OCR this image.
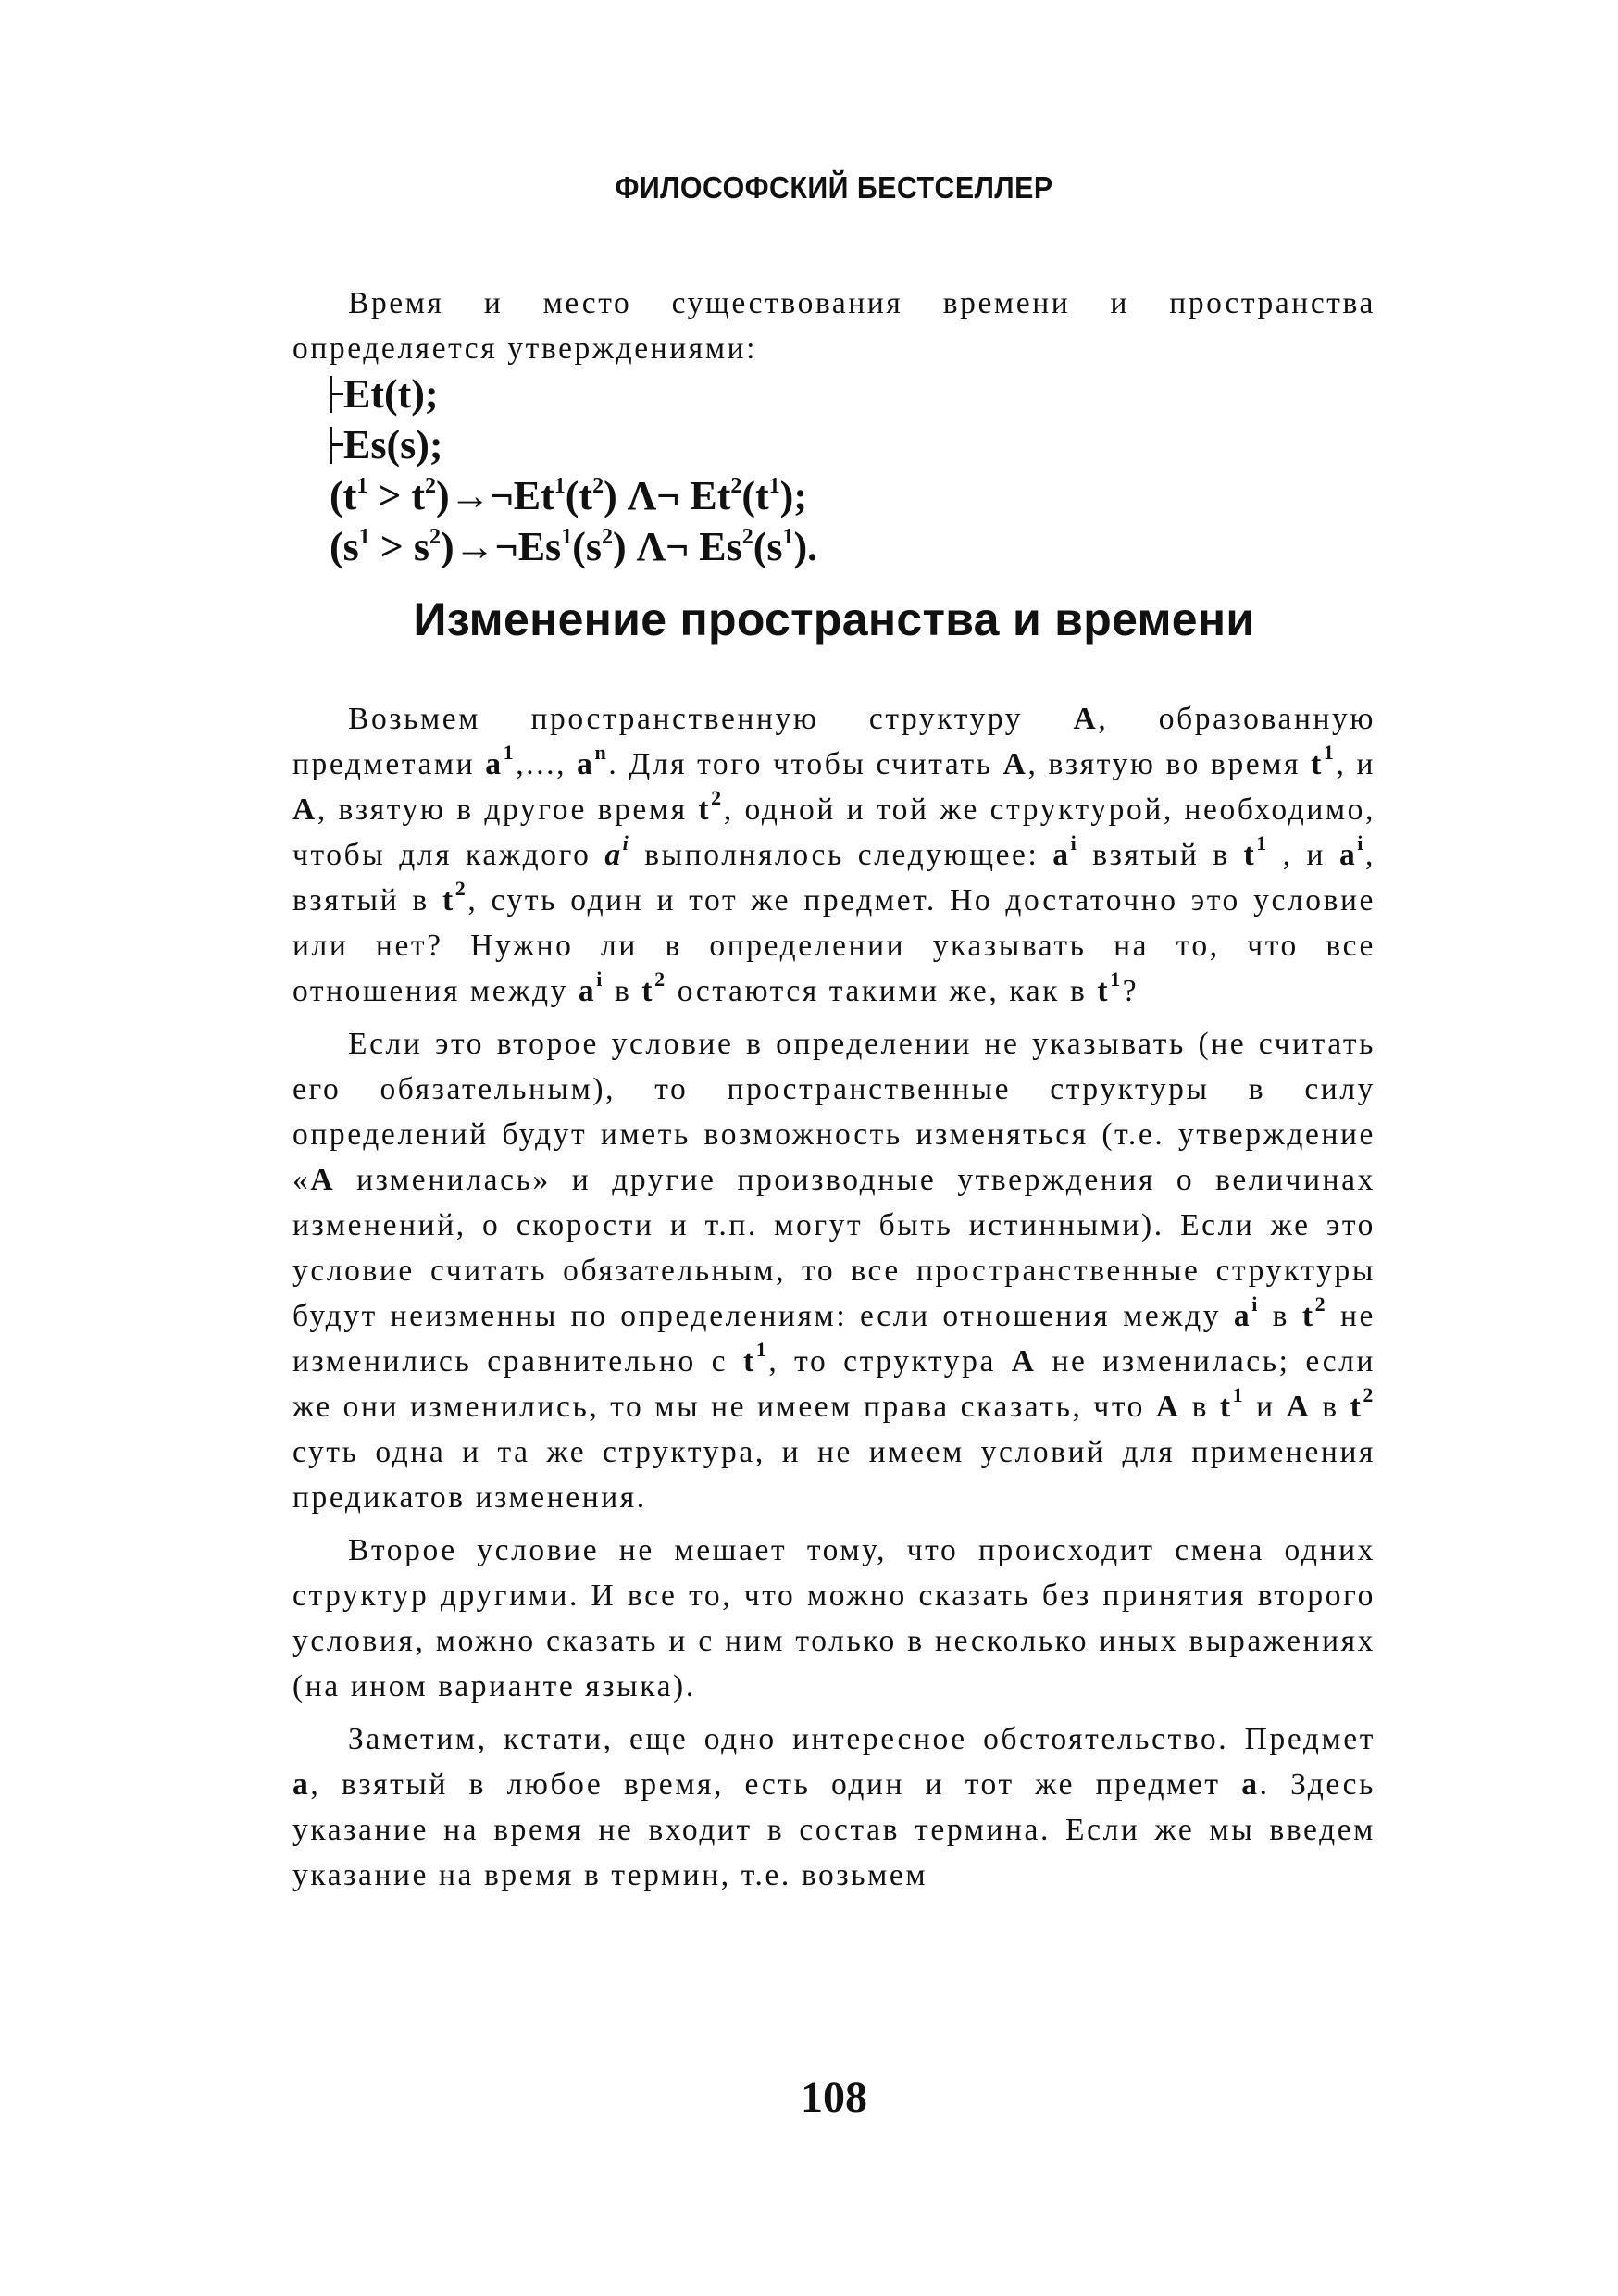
ФИЛОСОФСКИЙ БЕСТСЕЛЛЕР

Время и место существования времени и пространства определяется утверждениями:

Et(t);
Es(s);
($t^1$ > $t^2)\to\neg Et^1(t^2)$ Λ¬ $Et^2(t^1)$;
($s^1$ > $s^2)\to\neg Es^1(s^2)$ Λ¬ $Es^2(s^1)$.
Изменение пространства и времени

Возьмем пространственную структуру А, образованную предметами $а^1$,..., $а^n$. Для того чтобы считать А, взятую во время $t^1$, и А, взятую в другое время $t^2$, одной и той же структурой, необходимо, чтобы для каждого $a^i$ выполнялось следующее: $а^i$ взятый в $t^1$ , и $а^i$, взятый в $t^2$, суть один и тот же предмет. Но достаточно это условие или нет? Нужно ли в определении указывать на то, что все отношения между $а^i$ в $t^2$ остаются такими же, как в $t^1$?

Если это второе условие в определении не указывать (не считать его обязательным), то пространственные структуры в силу определений будут иметь возможность изменяться (т.е. утверждение «А изменилась» и другие производные утверждения о величинах изменений, о скорости и т.п. могут быть истинными). Если же это условие считать обязательным, то все пространственные структуры будут неизменны по определениям: если отношения между $а^i$ в $t^2$ не изменились сравнительно с $t^1$, то структура А не изменилась; если же они изменились, то мы не имеем права сказать, что А в $t^1$ и А в $t^2$ суть одна и та же структура, и не имеем условий для применения предикатов изменения.

Второе условие не мешает тому, что происходит смена одних структур другими. И все то, что можно сказать без принятия второго условия, можно сказать и с ним только в несколько иных выражениях (на ином варианте языка).

Заметим, кстати, еще одно интересное обстоятельство. Предмет а, взятый в любое время, есть один и тот же предмет а. Здесь указание на время не входит в состав термина. Если же мы введем указание на время в термин, т.е. возьмем

108
